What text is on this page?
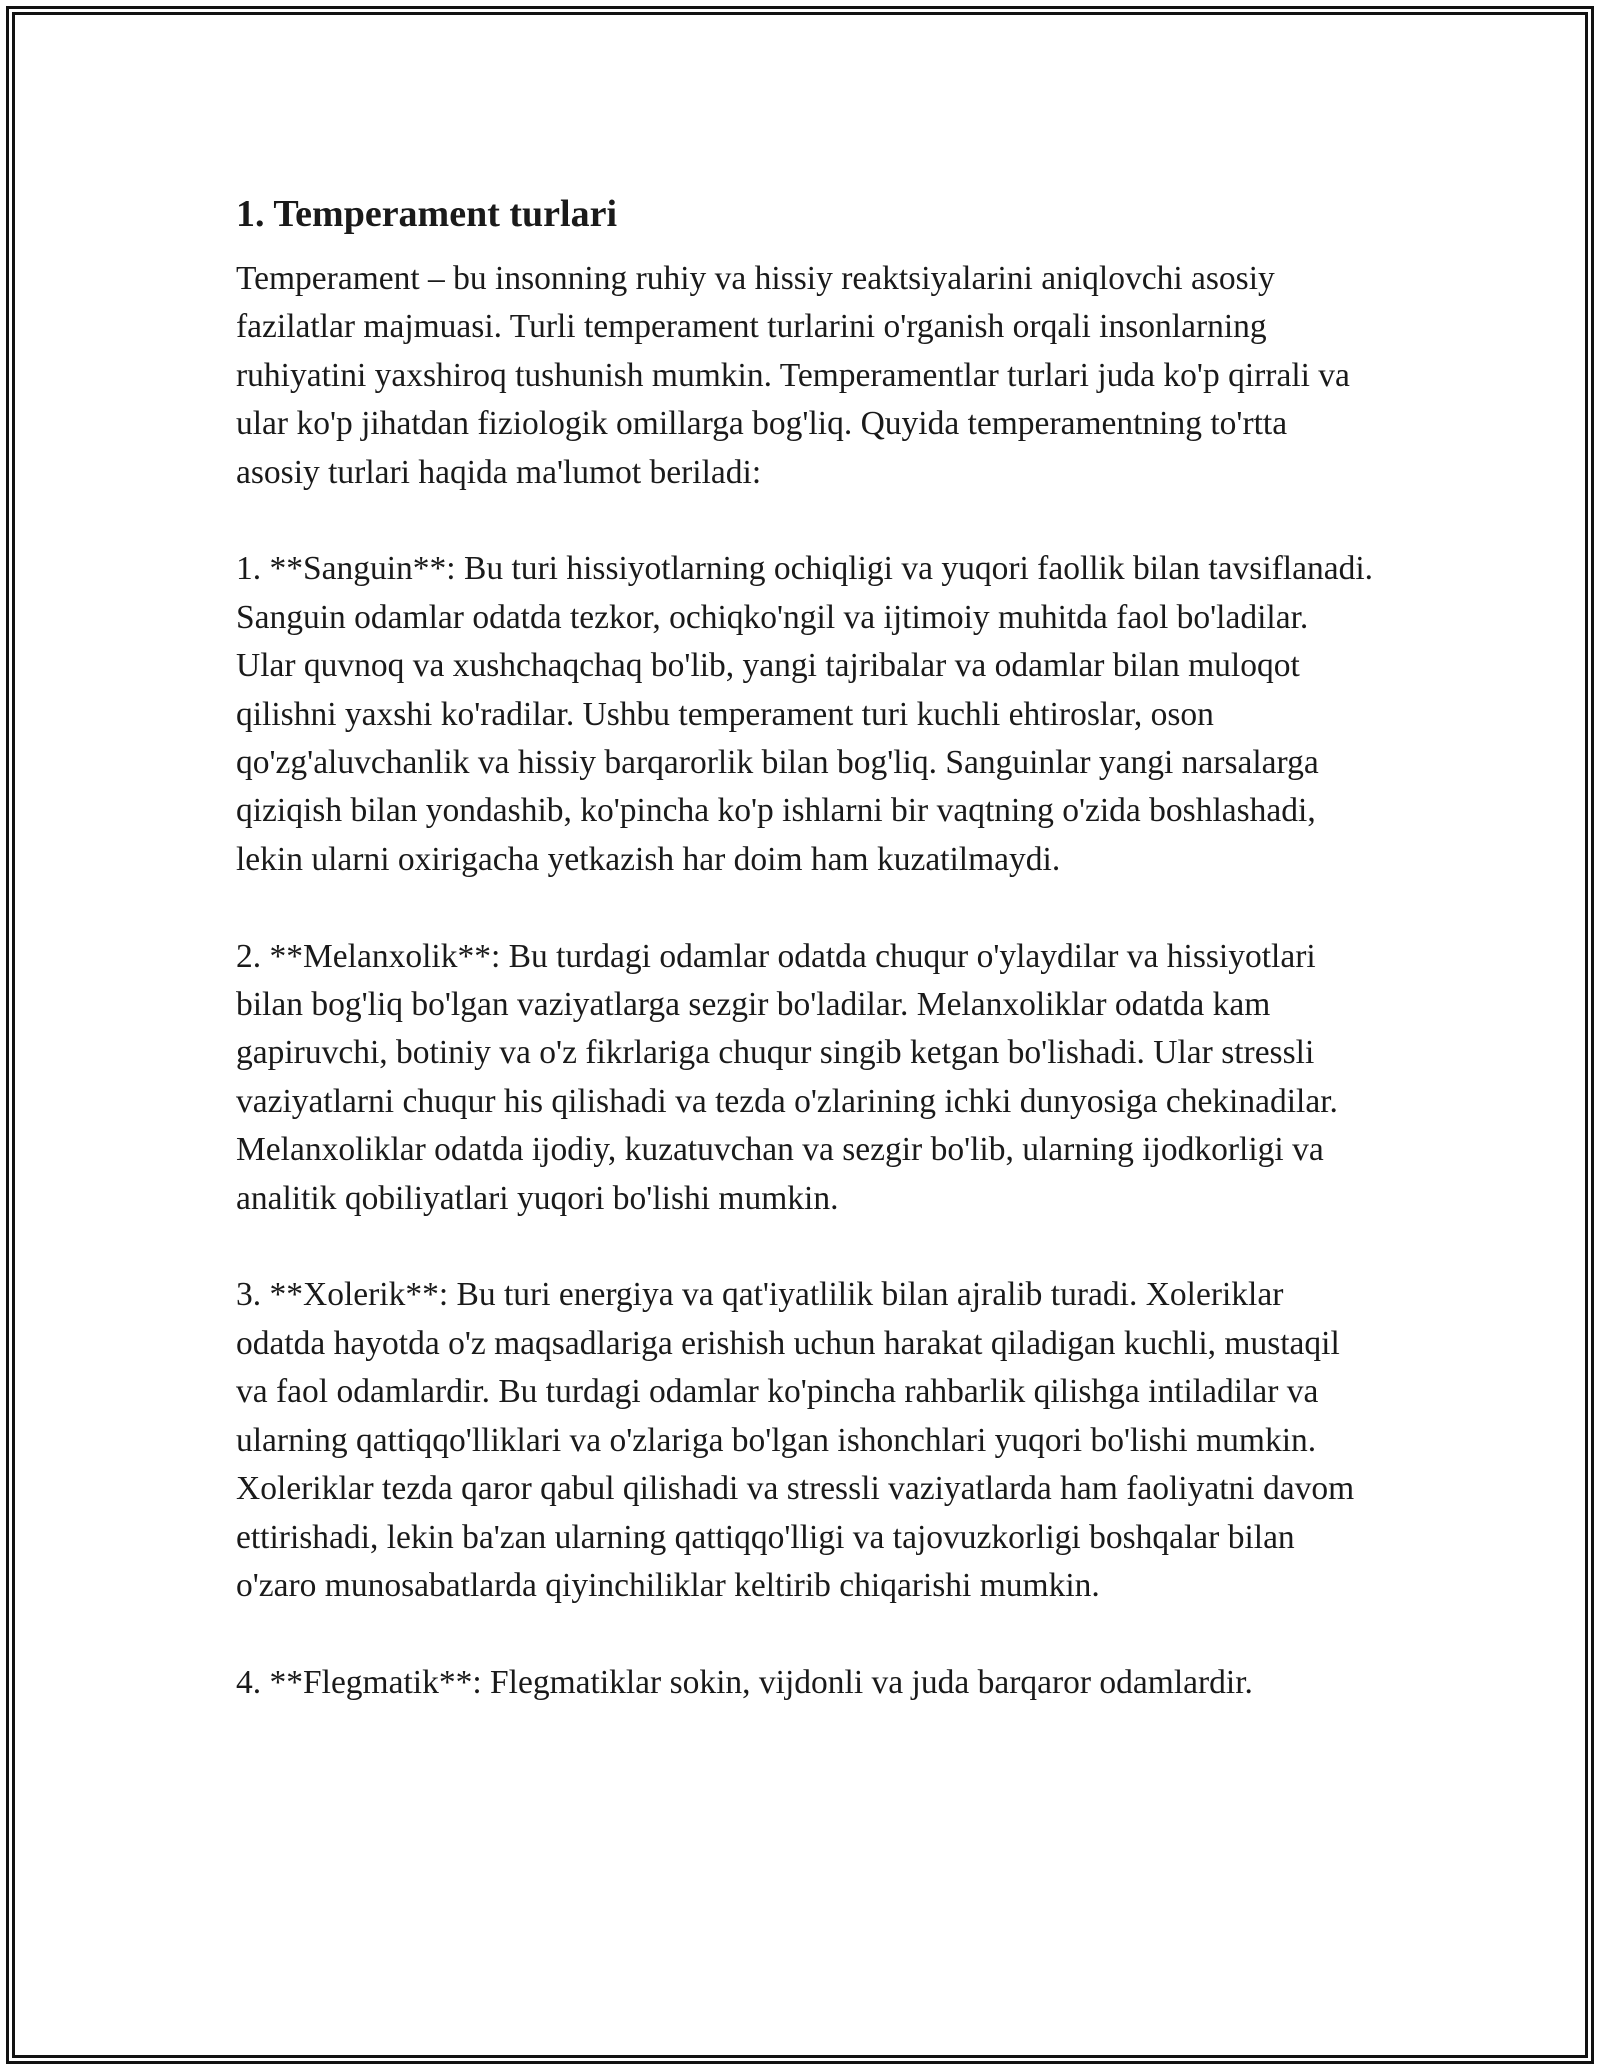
1. Temperament turlari

Temperament – bu insonning ruhiy va hissiy reaktsiyalarini aniqlovchi asosiy fazilatlar majmuasi. Turli temperament turlarini o'rganish orqali insonlarning ruhiyatini yaxshiroq tushunish mumkin. Temperamentlar turlari juda ko'p qirrali va ular ko'p jihatdan fiziologik omillarga bog'liq. Quyida temperamentning to'rtta asosiy turlari haqida ma'lumot beriladi:

1. **Sanguin**: Bu turi hissiyotlarning ochiqligi va yuqori faollik bilan tavsiflanadi. Sanguin odamlar odatda tezkor, ochiqko'ngil va ijtimoiy muhitda faol bo'ladilar. Ular quvnoq va xushchaqchaq bo'lib, yangi tajribalar va odamlar bilan muloqot qilishni yaxshi ko'radilar. Ushbu temperament turi kuchli ehtiroslar, oson qo'zg'aluvchanlik va hissiy barqarorlik bilan bog'liq. Sanguinlar yangi narsalarga qiziqish bilan yondashib, ko'pincha ko'p ishlarni bir vaqtning o'zida boshlashadi, lekin ularni oxirigacha yetkazish har doim ham kuzatilmaydi.

2. **Melanxolik**: Bu turdagi odamlar odatda chuqur o'ylaydilar va hissiyotlari bilan bog'liq bo'lgan vaziyatlarga sezgir bo'ladilar. Melanxoliklar odatda kam gapiruvchi, botiniy va o'z fikrlariga chuqur singib ketgan bo'lishadi. Ular stressli vaziyatlarni chuqur his qilishadi va tezda o'zlarining ichki dunyosiga chekinadilar. Melanxoliklar odatda ijodiy, kuzatuvchan va sezgir bo'lib, ularning ijodkorligi va analitik qobiliyatlari yuqori bo'lishi mumkin.

3. **Xolerik**: Bu turi energiya va qat'iyatlilik bilan ajralib turadi. Xoleriklar odatda hayotda o'z maqsadlariga erishish uchun harakat qiladigan kuchli, mustaqil va faol odamlardir. Bu turdagi odamlar ko'pincha rahbarlik qilishga intiladilar va ularning qattiqqo'lliklari va o'zlariga bo'lgan ishonchlari yuqori bo'lishi mumkin. Xoleriklar tezda qaror qabul qilishadi va stressli vaziyatlarda ham faoliyatni davom ettirishadi, lekin ba'zan ularning qattiqqo'lligi va tajovuzkorligi boshqalar bilan o'zaro munosabatlarda qiyinchiliklar keltirib chiqarishi mumkin.

4. **Flegmatik**: Flegmatiklar sokin, vijdonli va juda barqaror odamlardir.
